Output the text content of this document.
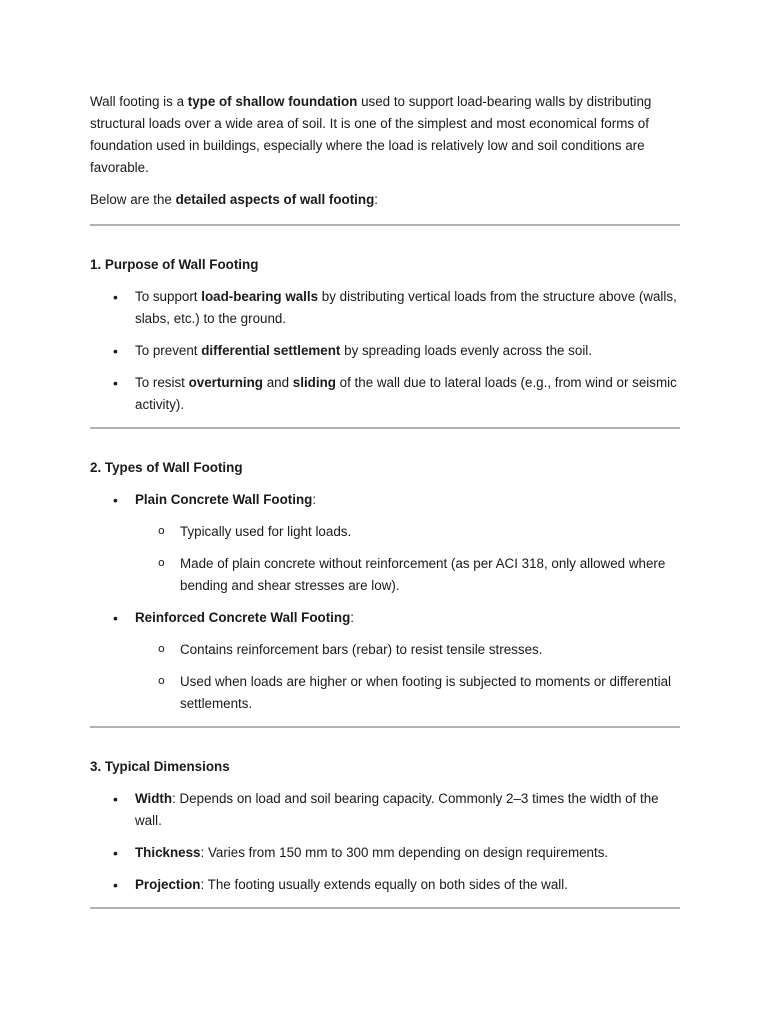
Wall footing is a type of shallow foundation used to support load-bearing walls by distributing structural loads over a wide area of soil. It is one of the simplest and most economical forms of foundation used in buildings, especially where the load is relatively low and soil conditions are favorable.

Below are the detailed aspects of wall footing:

1. Purpose of Wall Footing

• To support load-bearing walls by distributing vertical loads from the structure above (walls, slabs, etc.) to the ground.
• To prevent differential settlement by spreading loads evenly across the soil.
• To resist overturning and sliding of the wall due to lateral loads (e.g., from wind or seismic activity).

2. Types of Wall Footing

• Plain Concrete Wall Footing:
o Typically used for light loads.
o Made of plain concrete without reinforcement (as per ACI 318, only allowed where bending and shear stresses are low).
• Reinforced Concrete Wall Footing:
o Contains reinforcement bars (rebar) to resist tensile stresses.
o Used when loads are higher or when footing is subjected to moments or differential settlements.

3. Typical Dimensions

• Width: Depends on load and soil bearing capacity. Commonly 2–3 times the width of the wall.
• Thickness: Varies from 150 mm to 300 mm depending on design requirements.
• Projection: The footing usually extends equally on both sides of the wall.
